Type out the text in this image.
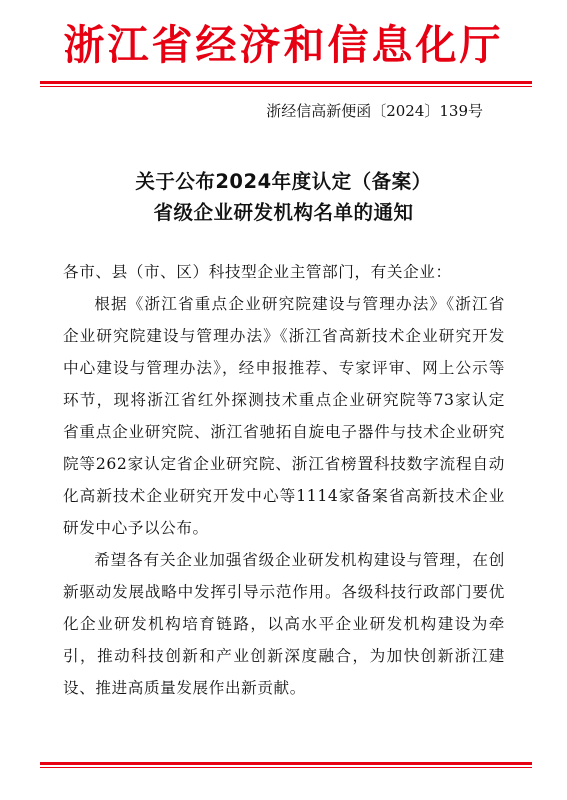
浙江省经济和信息化厅
浙经信高新便函〔2024〕139号
关于公布2024年度认定（备案）
省级企业研发机构名单的通知

各市、县（市、区）科技型企业主管部门，有关企业：

根据《浙江省重点企业研究院建设与管理办法》《浙江省企业研究院建设与管理办法》《浙江省高新技术企业研究开发中心建设与管理办法》，经申报推荐、专家评审、网上公示等环节，现将浙江省红外探测技术重点企业研究院等73家认定省重点企业研究院、浙江省驰拓自旋电子器件与技术企业研究院等262家认定省企业研究院、浙江省榜置科技数字流程自动化高新技术企业研究开发中心等1114家备案省高新技术企业研发中心予以公布。

希望各有关企业加强省级企业研发机构建设与管理，在创新驱动发展战略中发挥引导示范作用。各级科技行政部门要优化企业研发机构培育链路，以高水平企业研发机构建设为牵引，推动科技创新和产业创新深度融合，为加快创新浙江建设、推进高质量发展作出新贡献。
